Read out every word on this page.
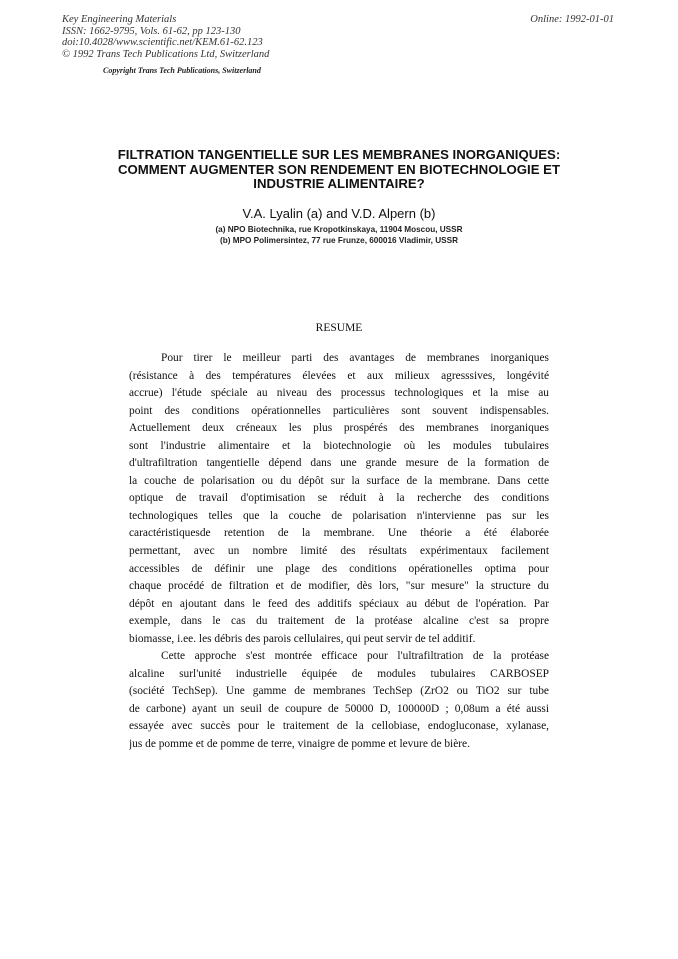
Key Engineering Materials
ISSN: 1662-9795, Vols. 61-62, pp 123-130
doi:10.4028/www.scientific.net/KEM.61-62.123
© 1992 Trans Tech Publications Ltd, Switzerland
Online: 1992-01-01
Copyright Trans Tech Publications, Switzerland
FILTRATION TANGENTIELLE SUR LES MEMBRANES INORGANIQUES:
COMMENT AUGMENTER SON RENDEMENT EN BIOTECHNOLOGIE ET
INDUSTRIE ALIMENTAIRE?
V.A. Lyalin (a) and V.D. Alpern (b)
(a) NPO Biotechnika, rue Kropotkinskaya, 11904 Moscou, USSR
(b) MPO Polimersintez, 77 rue Frunze, 600016 Vladimir, USSR
RESUME

Pour tirer le meilleur parti des avantages de membranes inorganiques
(résistance à des températures élevées et aux milieux agresssives, longévité
accrue) l'étude spéciale au niveau des processus technologiques et la mise au
point des conditions opérationnelles particulières sont souvent indispensables.
Actuellement deux créneaux les plus prospérés des membranes inorganiques
sont l'industrie alimentaire et la biotechnologie où les modules tubulaires
d'ultrafiltration tangentielle dépend dans une grande mesure de la formation de
la couche de polarisation ou du dépôt sur la surface de la membrane. Dans cette
optique de travail d'optimisation se réduit à la recherche des conditions
technologiques telles que la couche de polarisation n'intervienne pas sur les
caractéristiquesde retention de la membrane. Une théorie a été élaborée
permettant, avec un nombre limité des résultats expérimentaux facilement
accessibles de définir une plage des conditions opérationelles optima pour
chaque procédé de filtration et de modifier, dès lors, "sur mesure" la structure du
dépôt en ajoutant dans le feed des additifs spéciaux au début de l'opération. Par
exemple, dans le cas du traitement de la protéase alcaline c'est sa propre
biomasse, i.ee. les débris des parois cellulaires, qui peut servir de tel additif.

Cette approche s'est montrée efficace pour l'ultrafiltration de la protéase
alcaline surl'unité industrielle équipée de modules tubulaires CARBOSEP
(société TechSep). Une gamme de membranes TechSep (ZrO2 ou TiO2 sur tube
de carbone) ayant un seuil de coupure de 50000 D, 100000D ; 0,08um a été aussi
essayée avec succès pour le traitement de la cellobiase, endogluconase, xylanase,
jus de pomme et de pomme de terre, vinaigre de pomme et levure de bière.
